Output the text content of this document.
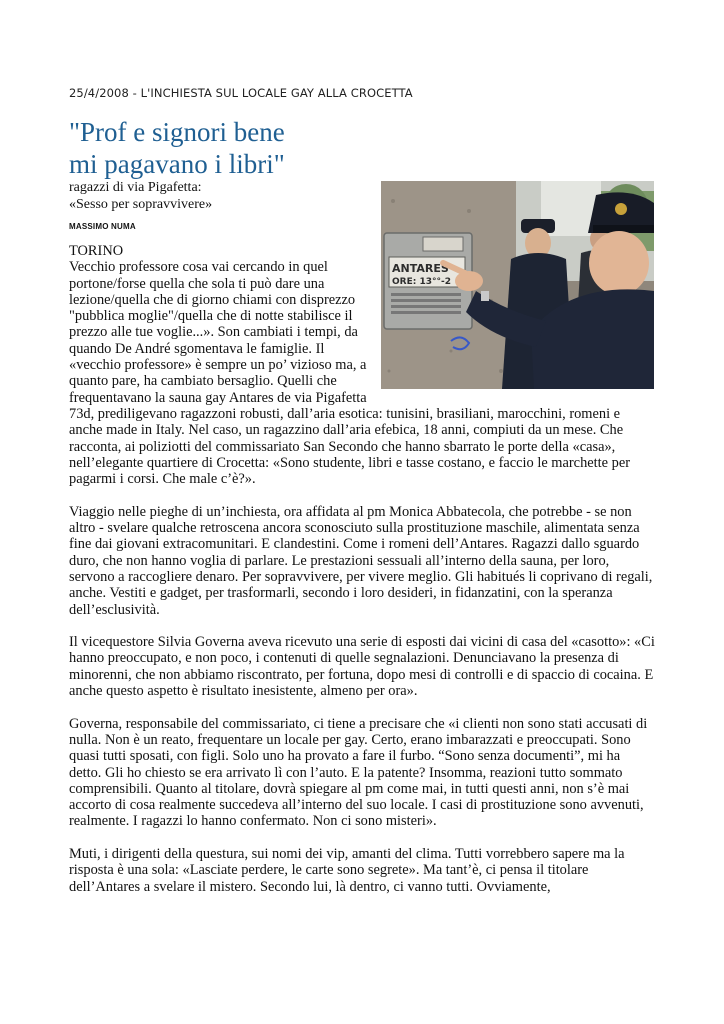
25/4/2008 - L'INCHIESTA SUL LOCALE GAY ALLA CROCETTA
"Prof e signori bene
mi pagavano i libri"
ragazzi di via Pigafetta:
«Sesso per sopravvivere»
MASSIMO NUMA
ANTARES
ORE: 13°°-2
TORINO

Vecchio professore cosa vai cercando in quel portone/forse quella che sola ti può dare una lezione/quella che di giorno chiami con disprezzo "pubblica moglie"/quella che di notte stabilisce il prezzo alle tue voglie...». Son cambiati i tempi, da quando De André sgomentava le famiglie. Il «vecchio professore» è sempre un po’ vizioso ma, a quanto pare, ha cambiato bersaglio. Quelli che frequentavano la sauna gay Antares de via Pigafetta 73d, prediligevano ragazzoni robusti, dall’aria esotica: tunisini, brasiliani, marocchini, romeni e anche made in Italy. Nel caso, un ragazzino dall’aria efebica, 18 anni, compiuti da un mese. Che racconta, ai poliziotti del commissariato San Secondo che hanno sbarrato le porte della «casa», nell’elegante quartiere di Crocetta: «Sono studente, libri e tasse costano, e faccio le marchette per pagarmi i corsi. Che male c’è?».

Viaggio nelle pieghe di un’inchiesta, ora affidata al pm Monica Abbatecola, che potrebbe - se non altro - svelare qualche retroscena ancora sconosciuto sulla prostituzione maschile, alimentata senza fine dai giovani extracomunitari. E clandestini. Come i romeni dell’Antares. Ragazzi dallo sguardo duro, che non hanno voglia di parlare. Le prestazioni sessuali all’interno della sauna, per loro, servono a raccogliere denaro. Per sopravvivere, per vivere meglio. Gli habitués li coprivano di regali, anche. Vestiti e gadget, per trasformarli, secondo i loro desideri, in fidanzatini, con la speranza dell’esclusività.

Il vicequestore Silvia Governa aveva ricevuto una serie di esposti dai vicini di casa del «casotto»: «Ci hanno preoccupato, e non poco, i contenuti di quelle segnalazioni. Denunciavano la presenza di minorenni, che non abbiamo riscontrato, per fortuna, dopo mesi di controlli e di spaccio di cocaina. E anche questo aspetto è risultato inesistente, almeno per ora».

Governa, responsabile del commissariato, ci tiene a precisare che «i clienti non sono stati accusati di nulla. Non è un reato, frequentare un locale per gay. Certo, erano imbarazzati e preoccupati. Sono quasi tutti sposati, con figli. Solo uno ha provato a fare il furbo. “Sono senza documenti”, mi ha detto. Gli ho chiesto se era arrivato lì con l’auto. E la patente? Insomma, reazioni tutto sommato comprensibili. Quanto al titolare, dovrà spiegare al pm come mai, in tutti questi anni, non s’è mai accorto di cosa realmente succedeva all’interno del suo locale. I casi di prostituzione sono avvenuti, realmente. I ragazzi lo hanno confermato. Non ci sono misteri».

Muti, i dirigenti della questura, sui nomi dei vip, amanti del clima. Tutti vorrebbero sapere ma la risposta è una sola: «Lasciate perdere, le carte sono segrete». Ma tant’è, ci pensa il titolare dell’Antares a svelare il mistero. Secondo lui, là dentro, ci vanno tutti. Ovviamente,
